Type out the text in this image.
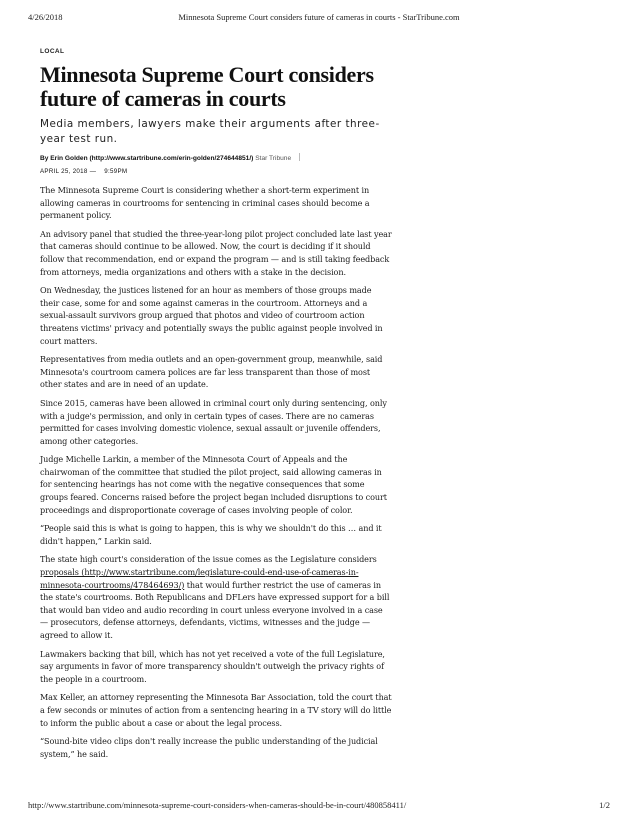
4/26/2018	Minnesota Supreme Court considers future of cameras in courts - StarTribune.com
LOCAL
Minnesota Supreme Court considers future of cameras in courts
Media members, lawyers make their arguments after three-year test run.
By Erin Golden (http://www.startribune.com/erin-golden/274644851/) Star Tribune
APRIL 25, 2018 — 9:59PM

The Minnesota Supreme Court is considering whether a short-term experiment in allowing cameras in courtrooms for sentencing in criminal cases should become a permanent policy.

An advisory panel that studied the three-year-long pilot project concluded late last year that cameras should continue to be allowed. Now, the court is deciding if it should follow that recommendation, end or expand the program — and is still taking feedback from attorneys, media organizations and others with a stake in the decision.

On Wednesday, the justices listened for an hour as members of those groups made their case, some for and some against cameras in the courtroom. Attorneys and a sexual-assault survivors group argued that photos and video of courtroom action threatens victims' privacy and potentially sways the public against people involved in court matters.

Representatives from media outlets and an open-government group, meanwhile, said Minnesota's courtroom camera polices are far less transparent than those of most other states and are in need of an update.

Since 2015, cameras have been allowed in criminal court only during sentencing, only with a judge's permission, and only in certain types of cases. There are no cameras permitted for cases involving domestic violence, sexual assault or juvenile offenders, among other categories.

Judge Michelle Larkin, a member of the Minnesota Court of Appeals and the chairwoman of the committee that studied the pilot project, said allowing cameras in for sentencing hearings has not come with the negative consequences that some groups feared. Concerns raised before the project began included disruptions to court proceedings and disproportionate coverage of cases involving people of color.

“People said this is what is going to happen, this is why we shouldn't do this … and it didn't happen,” Larkin said.

The state high court's consideration of the issue comes as the Legislature considers proposals (http://www.startribune.com/legislature-could-end-use-of-cameras-in-minnesota-courtrooms/478464693/) that would further restrict the use of cameras in the state's courtrooms. Both Republicans and DFLers have expressed support for a bill that would ban video and audio recording in court unless everyone involved in a case — prosecutors, defense attorneys, defendants, victims, witnesses and the judge — agreed to allow it.

Lawmakers backing that bill, which has not yet received a vote of the full Legislature, say arguments in favor of more transparency shouldn't outweigh the privacy rights of the people in a courtroom.

Max Keller, an attorney representing the Minnesota Bar Association, told the court that a few seconds or minutes of action from a sentencing hearing in a TV story will do little to inform the public about a case or about the legal process.

“Sound-bite video clips don't really increase the public understanding of the judicial system,” he said.

http://www.startribune.com/minnesota-supreme-court-considers-when-cameras-should-be-in-court/480858411/	1/2
